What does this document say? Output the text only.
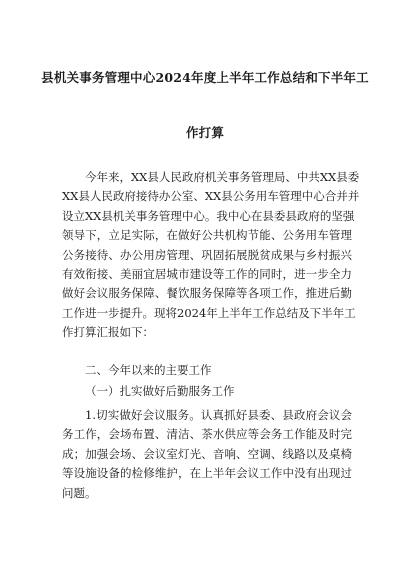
县机关事务管理中心2024年度上半年工作总结和下半年工
作打算
今年来，XX县人民政府机关事务管理局、中共XX县委
XX县人民政府接待办公室、XX县公务用车管理中心合并并
设立XX县机关事务管理中心。我中心在县委县政府的坚强
领导下，立足实际，在做好公共机构节能、公务用车管理
公务接待、办公用房管理、巩固拓展脱贫成果与乡村振兴
有效衔接、美丽宜居城市建设等工作的同时，进一步全力
做好会议服务保障、餐饮服务保障等各项工作，推进后勤
工作进一步提升。现将2024年上半年工作总结及下半年工
作打算汇报如下：
二、今年以来的主要工作
（一）扎实做好后勤服务工作
1.切实做好会议服务。认真抓好县委、县政府会议会
务工作，会场布置、清洁、茶水供应等会务工作能及时完
成；加强会场、会议室灯光、音响、空调、线路以及桌椅
等设施设备的检修维护，在上半年会议工作中没有出现过
问题。
